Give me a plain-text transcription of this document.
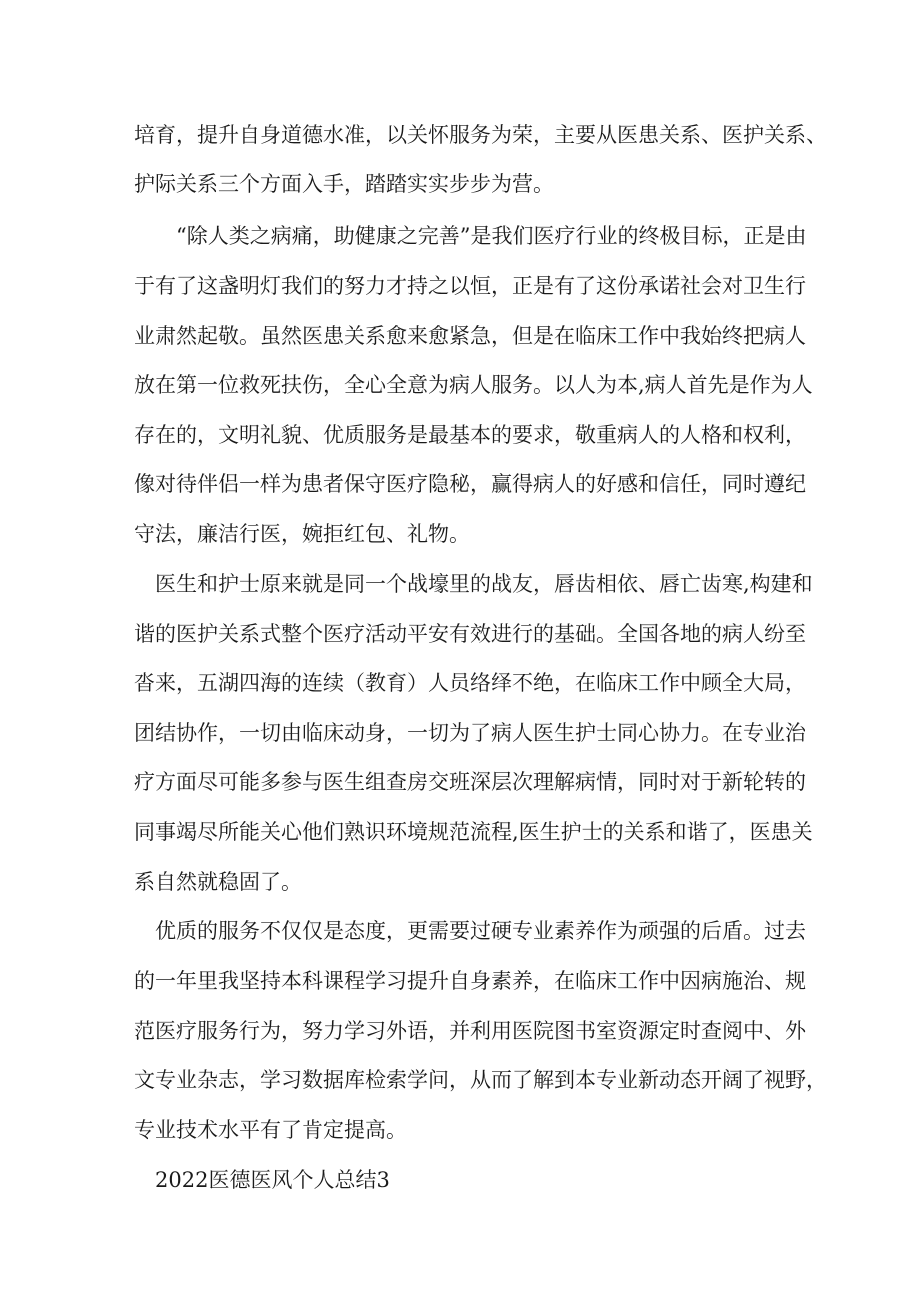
培育，提升自身道德水准，以关怀服务为荣，主要从医患关系、医护关系、
护际关系三个方面入手，踏踏实实步步为营。
“除人类之病痛，助健康之完善”是我们医疗行业的终极目标，正是由
于有了这盏明灯我们的努力才持之以恒，正是有了这份承诺社会对卫生行
业肃然起敬。虽然医患关系愈来愈紧急，但是在临床工作中我始终把病人
放在第一位救死扶伤，全心全意为病人服务。以人为本,病人首先是作为人
存在的，文明礼貌、优质服务是最基本的要求，敬重病人的人格和权利，
像对待伴侣一样为患者保守医疗隐秘，赢得病人的好感和信任，同时遵纪
守法，廉洁行医，婉拒红包、礼物。
医生和护士原来就是同一个战壕里的战友，唇齿相依、唇亡齿寒,构建和
谐的医护关系式整个医疗活动平安有效进行的基础。全国各地的病人纷至
沓来，五湖四海的连续（教育）人员络绎不绝，在临床工作中顾全大局，
团结协作，一切由临床动身，一切为了病人医生护士同心协力。在专业治
疗方面尽可能多参与医生组查房交班深层次理解病情，同时对于新轮转的
同事竭尽所能关心他们熟识环境规范流程,医生护士的关系和谐了，医患关
系自然就稳固了。
优质的服务不仅仅是态度，更需要过硬专业素养作为顽强的后盾。过去
的一年里我坚持本科课程学习提升自身素养，在临床工作中因病施治、规
范医疗服务行为，努力学习外语，并利用医院图书室资源定时查阅中、外
文专业杂志，学习数据库检索学问，从而了解到本专业新动态开阔了视野，
专业技术水平有了肯定提高。
2022医德医风个人总结3
